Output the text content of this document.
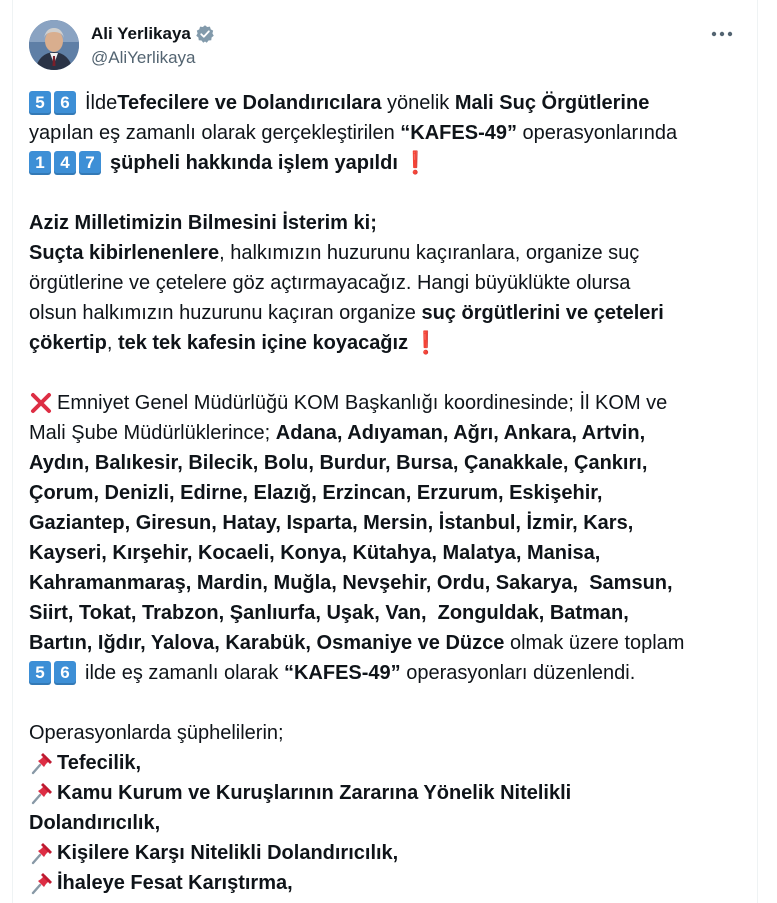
Ali Yerlikaya
@AliYerlikaya
5 6 İlde Tefecilere ve Dolandırıcılara yönelik Mali Suç Örgütlerine
yapılan eş zamanlı olarak gerçekleştirilen “KAFES-49” operasyonlarında
1 4 7 şüpheli hakkında işlem yapıldı ❗
Aziz Milletimizin Bilmesini İsterim ki;
Suçta kibirlenenlere , halkımızın huzurunu kaçıranlara, organize suç
örgütlerine ve çetelere göz açtırmayacağız. Hangi büyüklükte olursa
olsun halkımızın huzurunu kaçıran organize suç örgütlerini ve çeteleri
çökertip , tek tek kafesin içine koyacağız ❗
Emniyet Genel Müdürlüğü KOM Başkanlığı koordinesinde; İl KOM ve
Mali Şube Müdürlüklerince; Adana, Adıyaman, Ağrı, Ankara, Artvin,
Aydın, Balıkesir, Bilecik, Bolu, Burdur, Bursa, Çanakkale, Çankırı,
Çorum, Denizli, Edirne, Elazığ, Erzincan, Erzurum, Eskişehir,
Gaziantep, Giresun, Hatay, Isparta, Mersin, İstanbul, İzmir, Kars,
Kayseri, Kırşehir, Kocaeli, Konya, Kütahya, Malatya, Manisa,
Kahramanmaraş, Mardin, Muğla, Nevşehir, Ordu, Sakarya,  Samsun,
Siirt, Tokat, Trabzon, Şanlıurfa, Uşak, Van,  Zonguldak, Batman,
Bartın, Iğdır, Yalova, Karabük, Osmaniye ve Düzce olmak üzere toplam
5 6 ilde eş zamanlı olarak “KAFES-49” operasyonları düzenlendi.
Operasyonlarda şüphelilerin;
Tefecilik,
Kamu Kurum ve Kuruşlarının Zararına Yönelik Nitelikli
Dolandırıcılık,
Kişilere Karşı Nitelikli Dolandırıcılık,
İhaleye Fesat Karıştırma,
